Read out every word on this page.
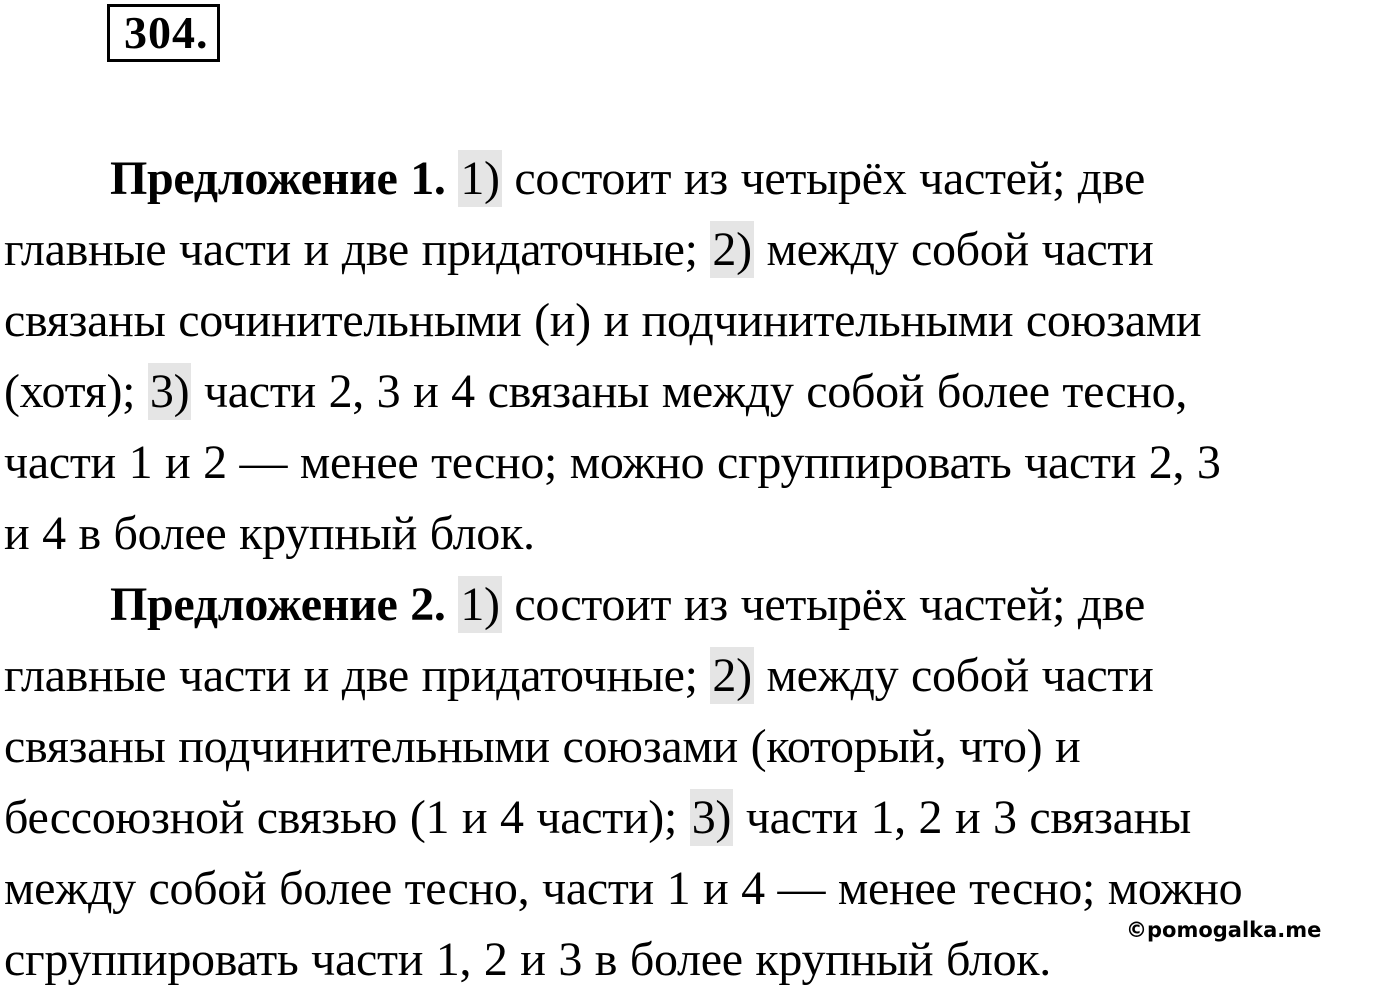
304.
Предложение 1. 1) состоит из четырёх частей; две
главные части и две придаточные; 2) между собой части
связаны сочинительными (и) и подчинительными союзами
(хотя); 3) части 2, 3 и 4 связаны между собой более тесно,
части 1 и 2 — менее тесно; можно сгруппировать части 2, 3
и 4 в более крупный блок.
Предложение 2. 1) состоит из четырёх частей; две
главные части и две придаточные; 2) между собой части
связаны подчинительными союзами (который, что) и
бессоюзной связью (1 и 4 части); 3) части 1, 2 и 3 связаны
между собой более тесно, части 1 и 4 — менее тесно; можно
сгруппировать части 1, 2 и 3 в более крупный блок.
©pomogalka.me
